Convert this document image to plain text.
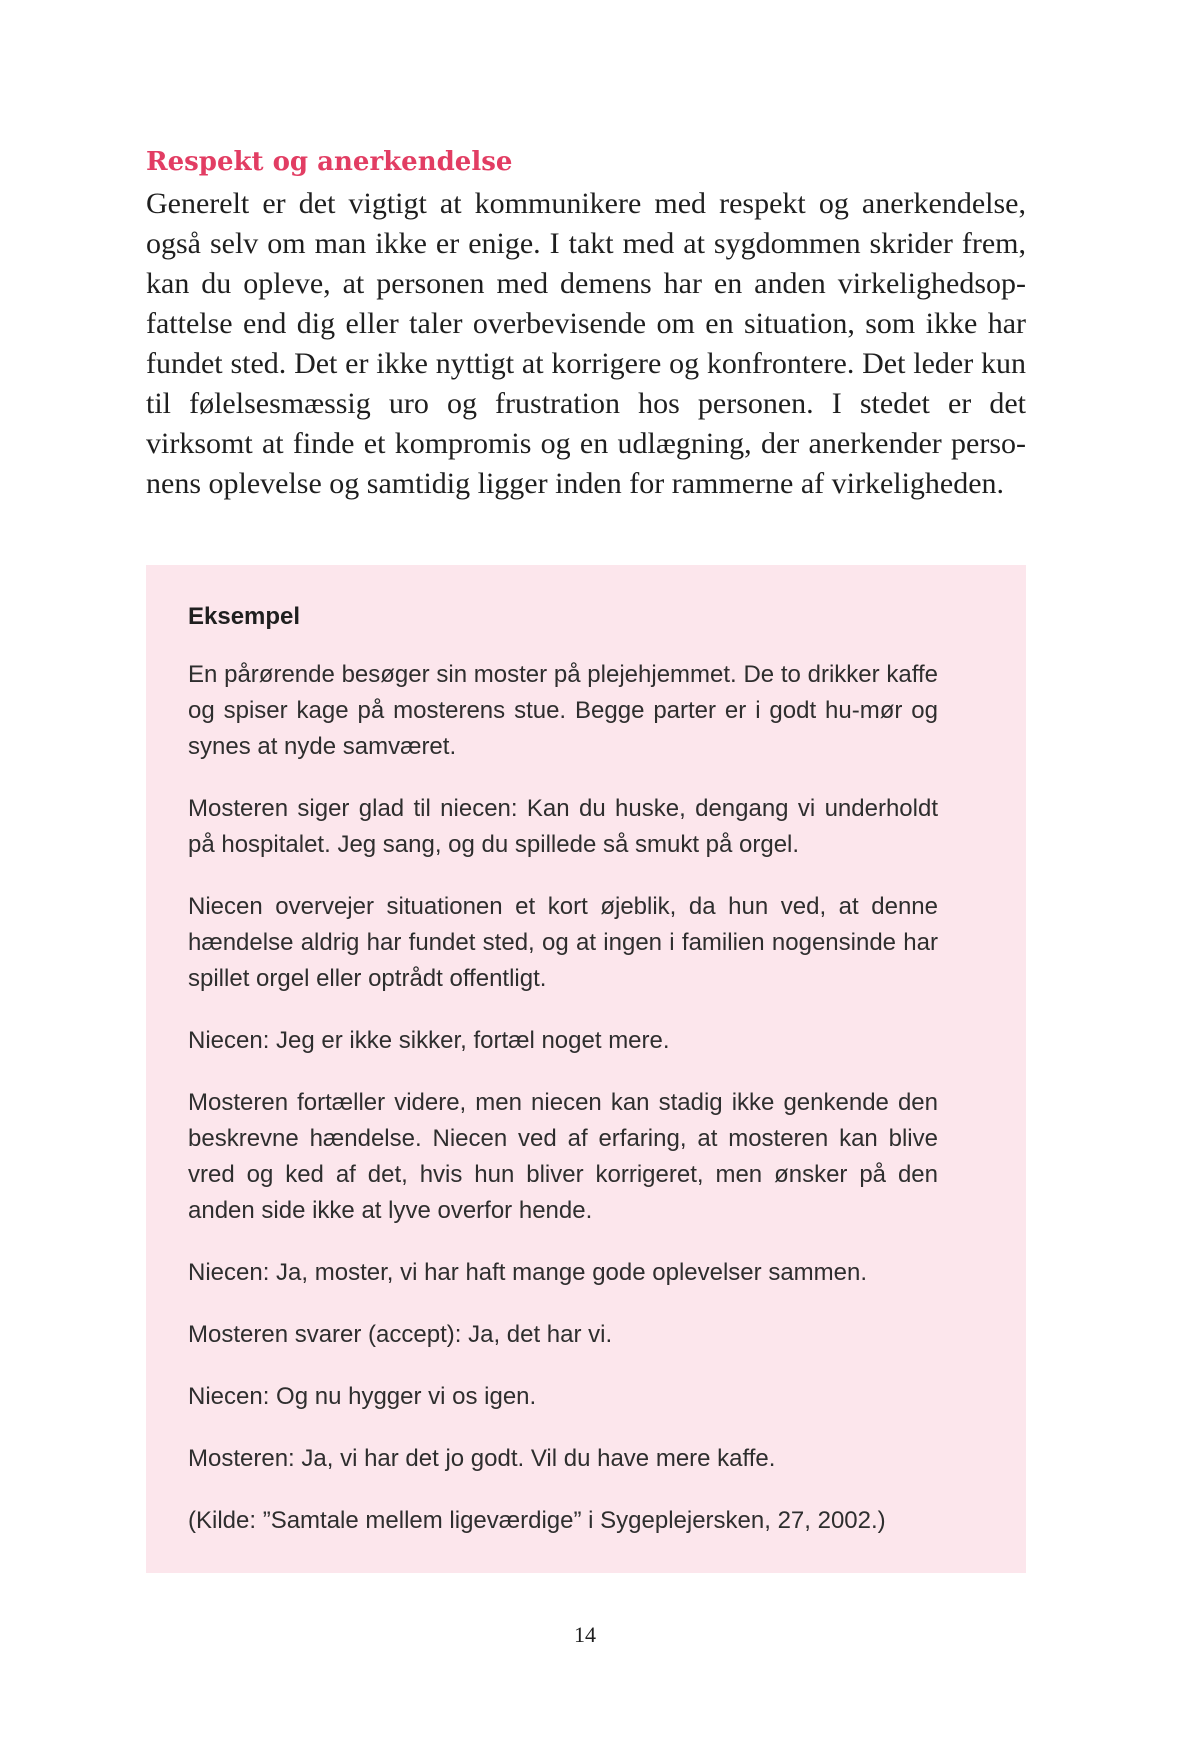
Respekt og anerkendelse

Generelt er det vigtigt at kommunikere med respekt og anerkendelse, også selv om man ikke er enige. I takt med at sygdommen skrider frem, kan du opleve, at personen med demens har en anden virkelighedsop-fattelse end dig eller taler overbevisende om en situation, som ikke har fundet sted. Det er ikke nyttigt at korrigere og konfrontere. Det leder kun til følelsesmæssig uro og frustration hos personen. I stedet er det virksomt at finde et kompromis og en udlægning, der anerkender perso-nens oplevelse og samtidig ligger inden for rammerne af virkeligheden.

Eksempel

En pårørende besøger sin moster på plejehjemmet. De to drikker kaffe og spiser kage på mosterens stue. Begge parter er i godt hu-mør og synes at nyde samværet.

Mosteren siger glad til niecen: Kan du huske, dengang vi underholdt på hospitalet. Jeg sang, og du spillede så smukt på orgel.

Niecen overvejer situationen et kort øjeblik, da hun ved, at denne hændelse aldrig har fundet sted, og at ingen i familien nogensinde har spillet orgel eller optrådt offentligt.

Niecen: Jeg er ikke sikker, fortæl noget mere.

Mosteren fortæller videre, men niecen kan stadig ikke genkende den beskrevne hændelse. Niecen ved af erfaring, at mosteren kan blive vred og ked af det, hvis hun bliver korrigeret, men ønsker på den anden side ikke at lyve overfor hende.

Niecen: Ja, moster, vi har haft mange gode oplevelser sammen.

Mosteren svarer (accept): Ja, det har vi.

Niecen: Og nu hygger vi os igen.

Mosteren: Ja, vi har det jo godt. Vil du have mere kaffe.

(Kilde: ”Samtale mellem ligeværdige” i Sygeplejersken, 27, 2002.)

14
